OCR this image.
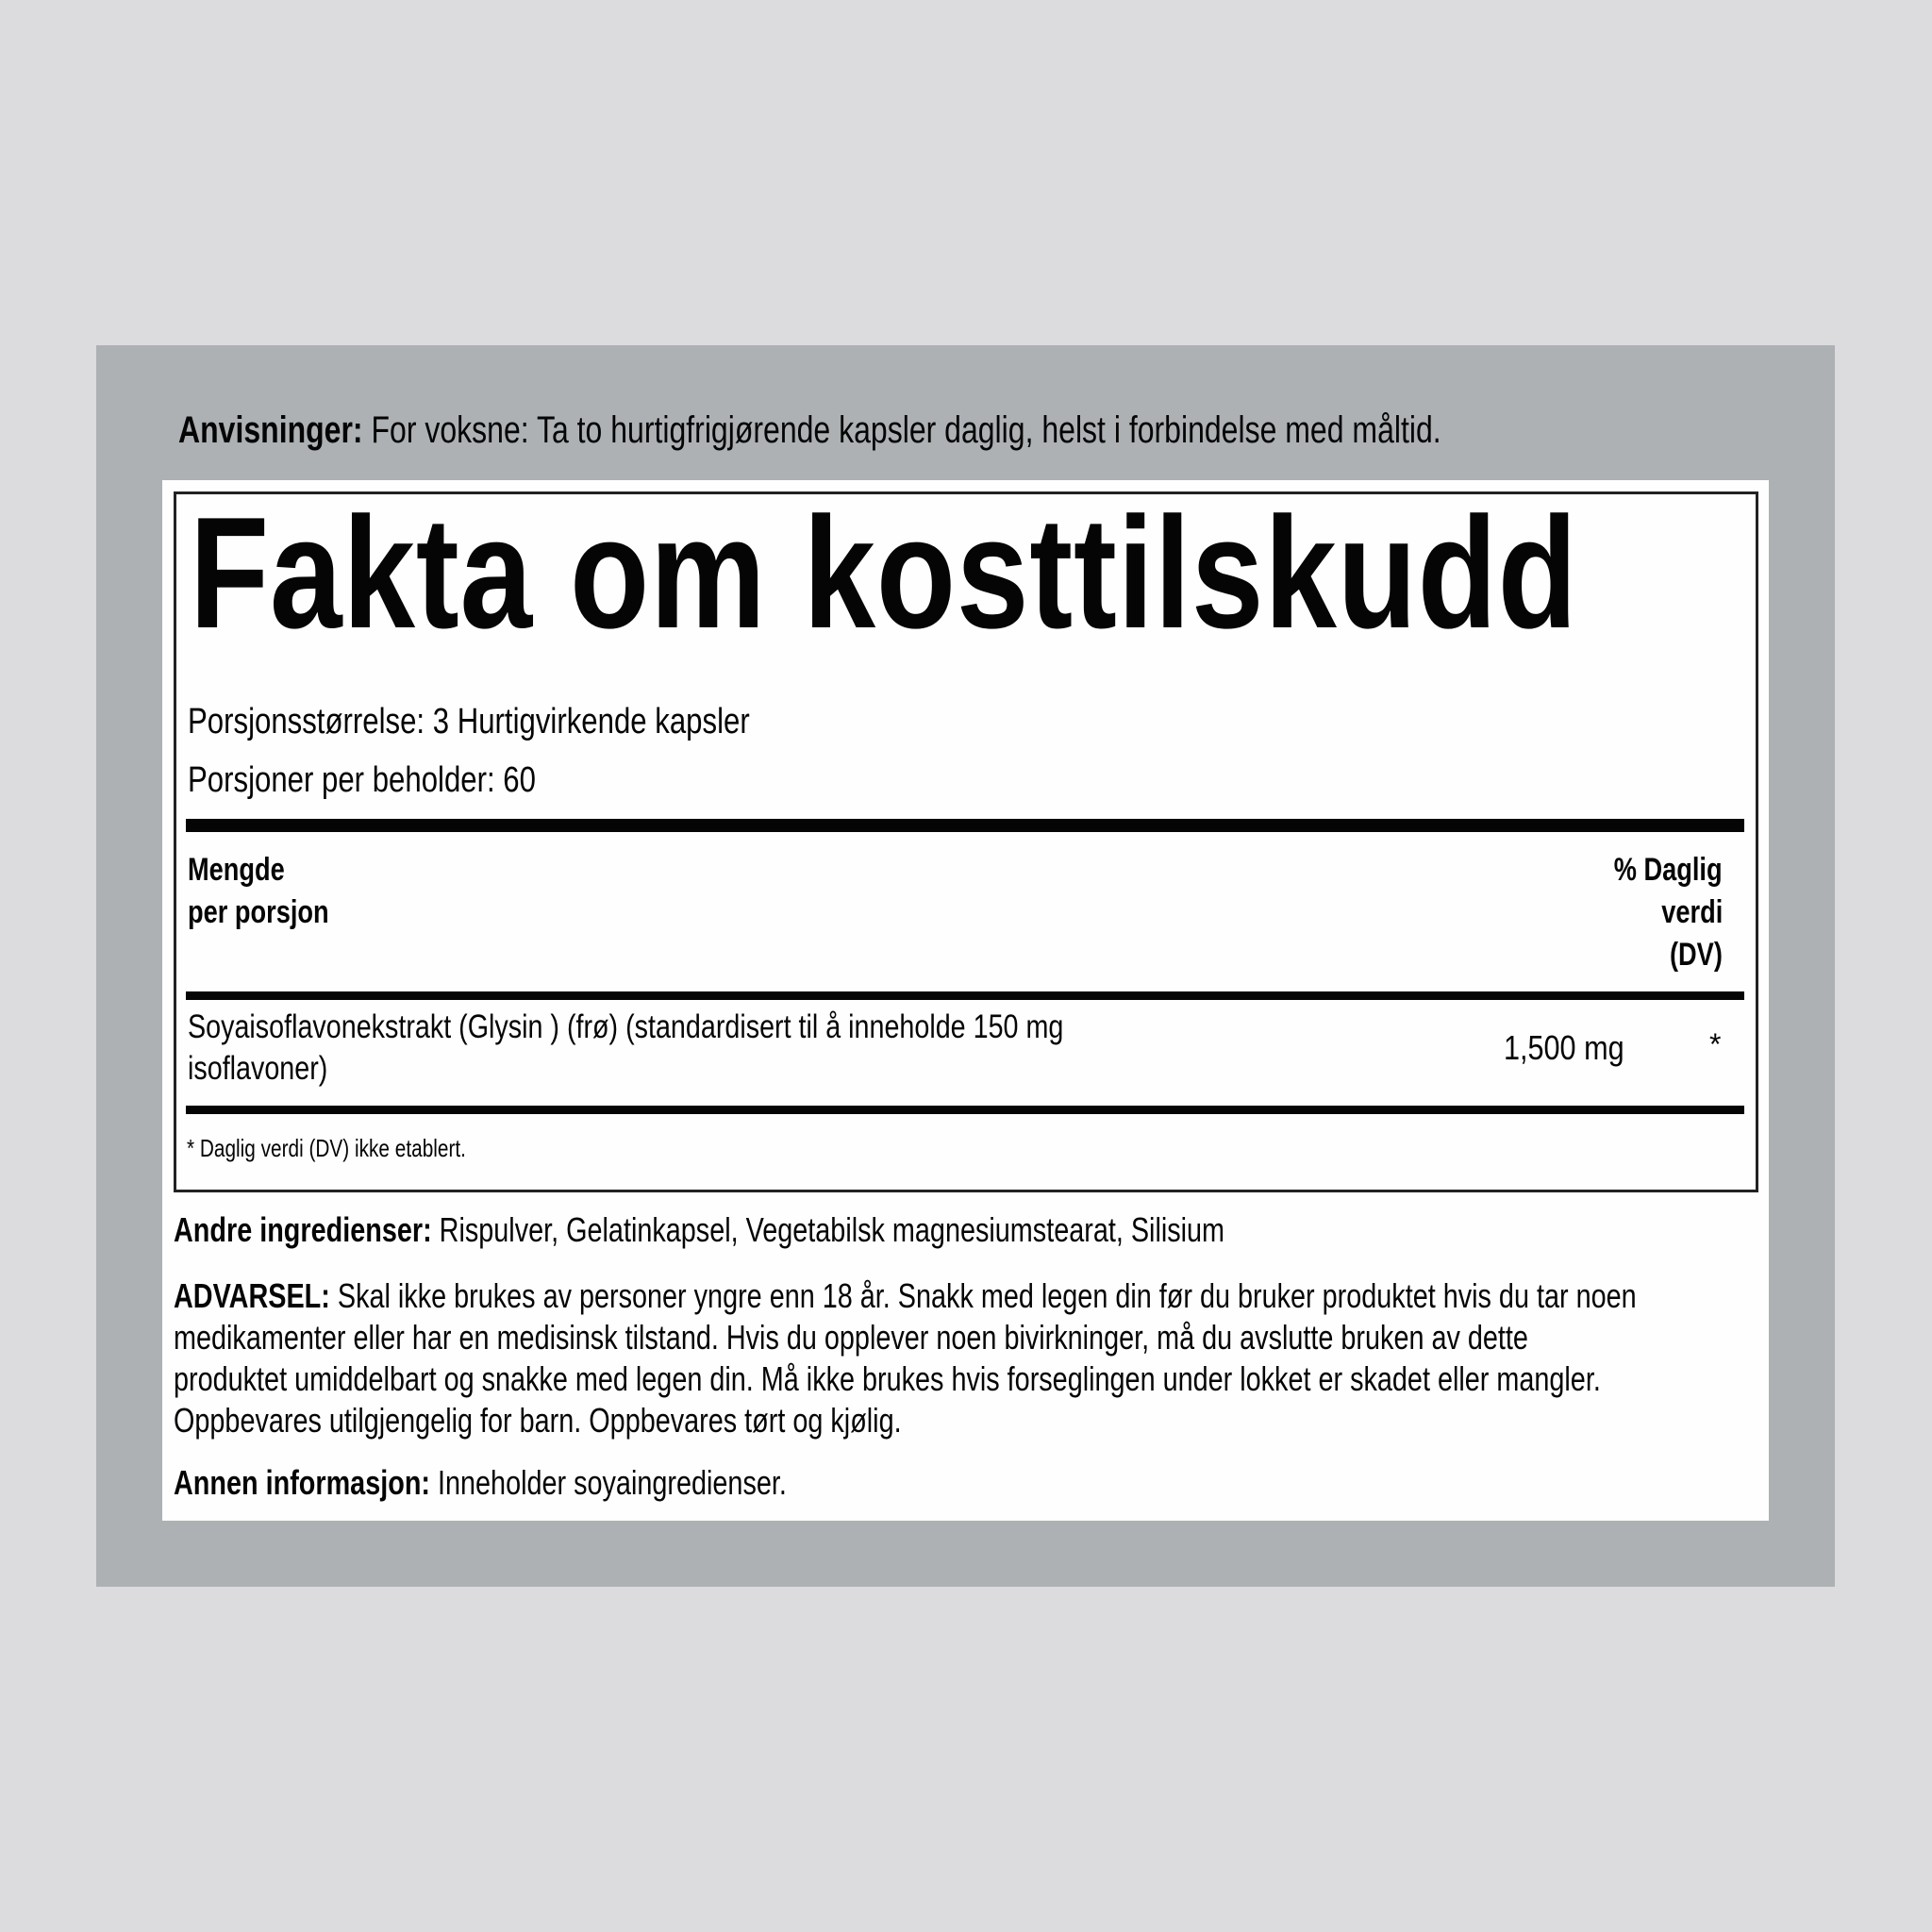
Anvisninger: For voksne: Ta to hurtigfrigjørende kapsler daglig, helst i forbindelse med måltid.
Fakta om kosttilskudd
Porsjonsstørrelse: 3 Hurtigvirkende kapsler
Porsjoner per beholder: 60
Mengde
per porsjon
% Daglig
verdi
(DV)
Soyaisoflavonekstrakt (Glysin ) (frø) (standardisert til å inneholde 150 mg
isoflavoner)
1,500 mg	*
* Daglig verdi (DV) ikke etablert.
Andre ingredienser: Rispulver, Gelatinkapsel, Vegetabilsk magnesiumstearat, Silisium
ADVARSEL: Skal ikke brukes av personer yngre enn 18 år. Snakk med legen din før du bruker produktet hvis du tar noen
medikamenter eller har en medisinsk tilstand. Hvis du opplever noen bivirkninger, må du avslutte bruken av dette
produktet umiddelbart og snakke med legen din. Må ikke brukes hvis forseglingen under lokket er skadet eller mangler.
Oppbevares utilgjengelig for barn. Oppbevares tørt og kjølig.
Annen informasjon: Inneholder soyaingredienser.
